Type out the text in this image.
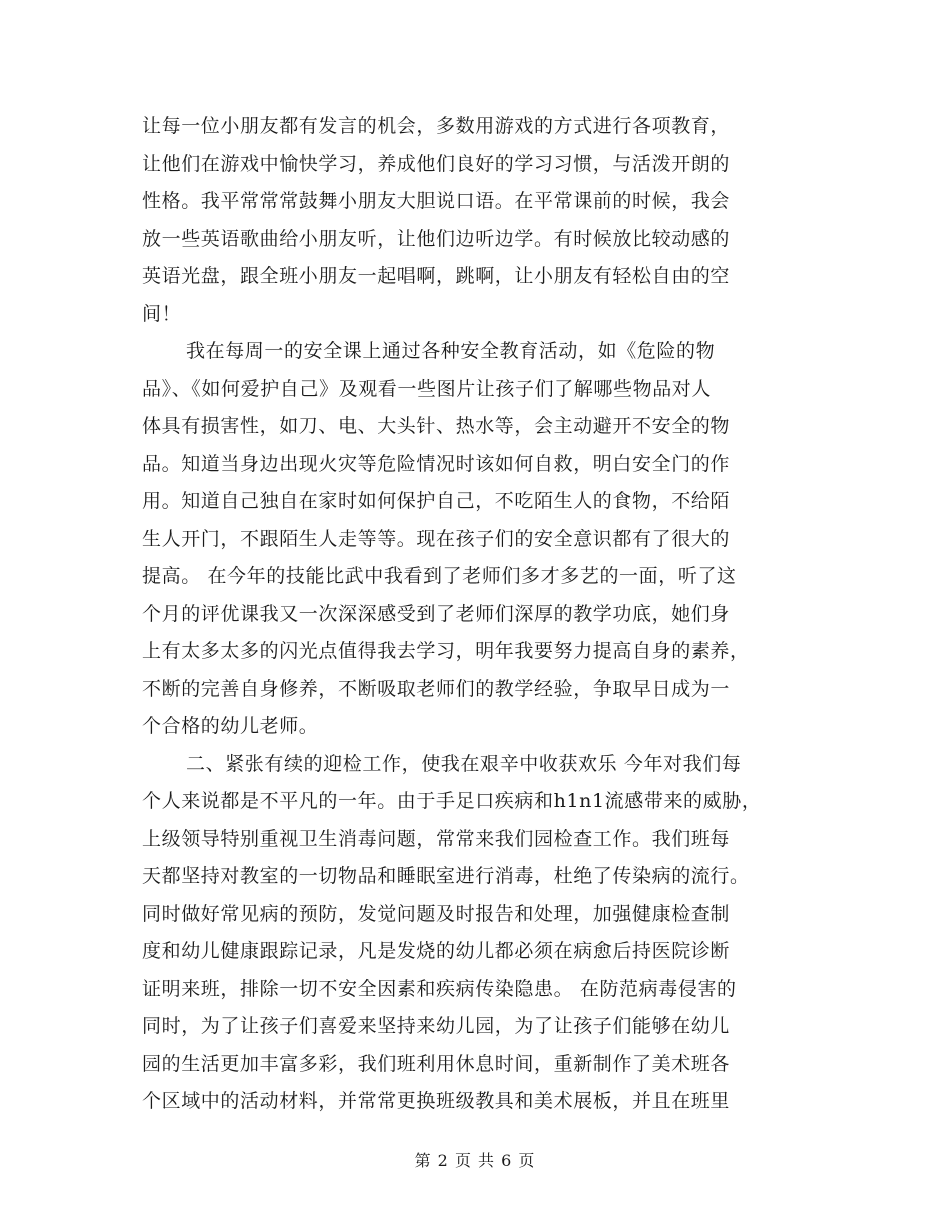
让每一位小朋友都有发言的机会，多数用游戏的方式进行各项教育，
让他们在游戏中愉快学习，养成他们良好的学习习惯，与活泼开朗的
性格。我平常常常鼓舞小朋友大胆说口语。在平常课前的时候，我会
放一些英语歌曲给小朋友听，让他们边听边学。有时候放比较动感的
英语光盘，跟全班小朋友一起唱啊，跳啊，让小朋友有轻松自由的空
间！
我在每周一的安全课上通过各种安全教育活动，如《危险的物
品》、《如何爱护自己》及观看一些图片让孩子们了解哪些物品对人
体具有损害性，如刀、电、大头针、热水等，会主动避开不安全的物
品。知道当身边出现火灾等危险情况时该如何自救，明白安全门的作
用。知道自己独自在家时如何保护自己，不吃陌生人的食物，不给陌
生人开门，不跟陌生人走等等。现在孩子们的安全意识都有了很大的
提高。 在今年的技能比武中我看到了老师们多才多艺的一面，听了这
个月的评优课我又一次深深感受到了老师们深厚的教学功底，她们身
上有太多太多的闪光点值得我去学习，明年我要努力提高自身的素养，
不断的完善自身修养，不断吸取老师们的教学经验，争取早日成为一
个合格的幼儿老师。
二、紧张有续的迎检工作，使我在艰辛中收获欢乐 今年对我们每
个人来说都是不平凡的一年。由于手足口疾病和h1n1流感带来的威胁，
上级领导特别重视卫生消毒问题，常常来我们园检查工作。我们班每
天都坚持对教室的一切物品和睡眠室进行消毒，杜绝了传染病的流行。
同时做好常见病的预防，发觉问题及时报告和处理，加强健康检查制
度和幼儿健康跟踪记录，凡是发烧的幼儿都必须在病愈后持医院诊断
证明来班，排除一切不安全因素和疾病传染隐患。 在防范病毒侵害的
同时，为了让孩子们喜爱来坚持来幼儿园，为了让孩子们能够在幼儿
园的生活更加丰富多彩，我们班利用休息时间，重新制作了美术班各
个区域中的活动材料，并常常更换班级教具和美术展板，并且在班里
第 2 页 共 6 页
